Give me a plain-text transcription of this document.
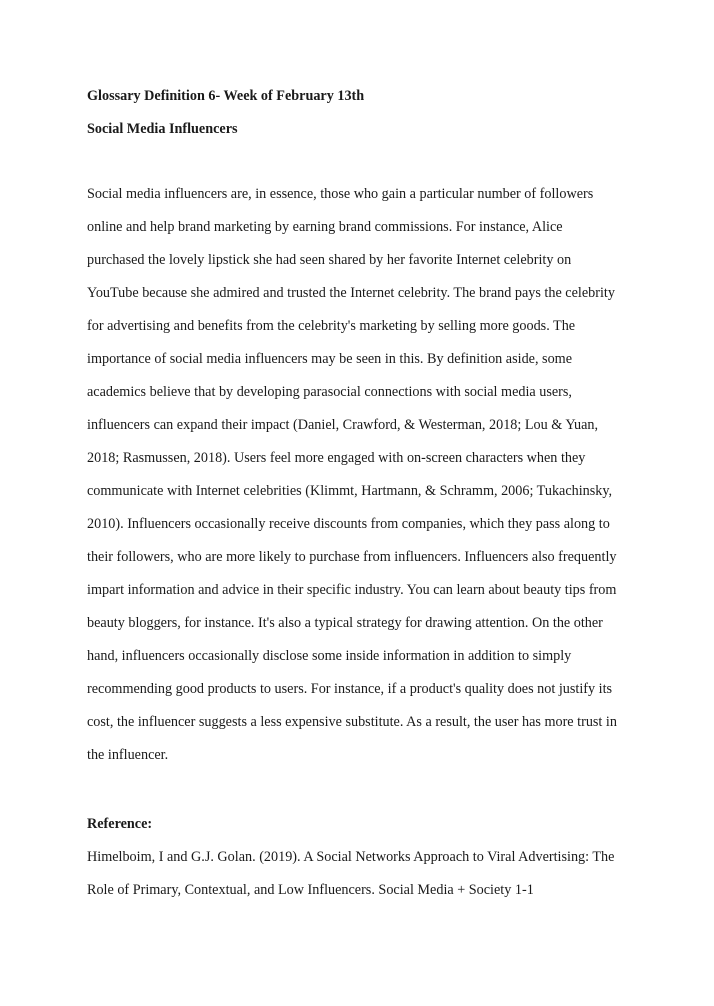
Glossary Definition 6- Week of February 13th

Social Media Influencers

Social media influencers are, in essence, those who gain a particular number of followers

online and help brand marketing by earning brand commissions. For instance, Alice

purchased the lovely lipstick she had seen shared by her favorite Internet celebrity on

YouTube because she admired and trusted the Internet celebrity. The brand pays the celebrity

for advertising and benefits from the celebrity's marketing by selling more goods. The

importance of social media influencers may be seen in this. By definition aside, some

academics believe that by developing parasocial connections with social media users,

influencers can expand their impact (Daniel, Crawford, & Westerman, 2018; Lou & Yuan,

2018; Rasmussen, 2018). Users feel more engaged with on-screen characters when they

communicate with Internet celebrities (Klimmt, Hartmann, & Schramm, 2006; Tukachinsky,

2010). Influencers occasionally receive discounts from companies, which they pass along to

their followers, who are more likely to purchase from influencers. Influencers also frequently

impart information and advice in their specific industry. You can learn about beauty tips from

beauty bloggers, for instance. It's also a typical strategy for drawing attention. On the other

hand, influencers occasionally disclose some inside information in addition to simply

recommending good products to users. For instance, if a product's quality does not justify its

cost, the influencer suggests a less expensive substitute. As a result, the user has more trust in

the influencer.

Reference:

Himelboim, I and G.J. Golan. (2019). A Social Networks Approach to Viral Advertising: The

Role of Primary, Contextual, and Low Influencers. Social Media + Society 1-1
